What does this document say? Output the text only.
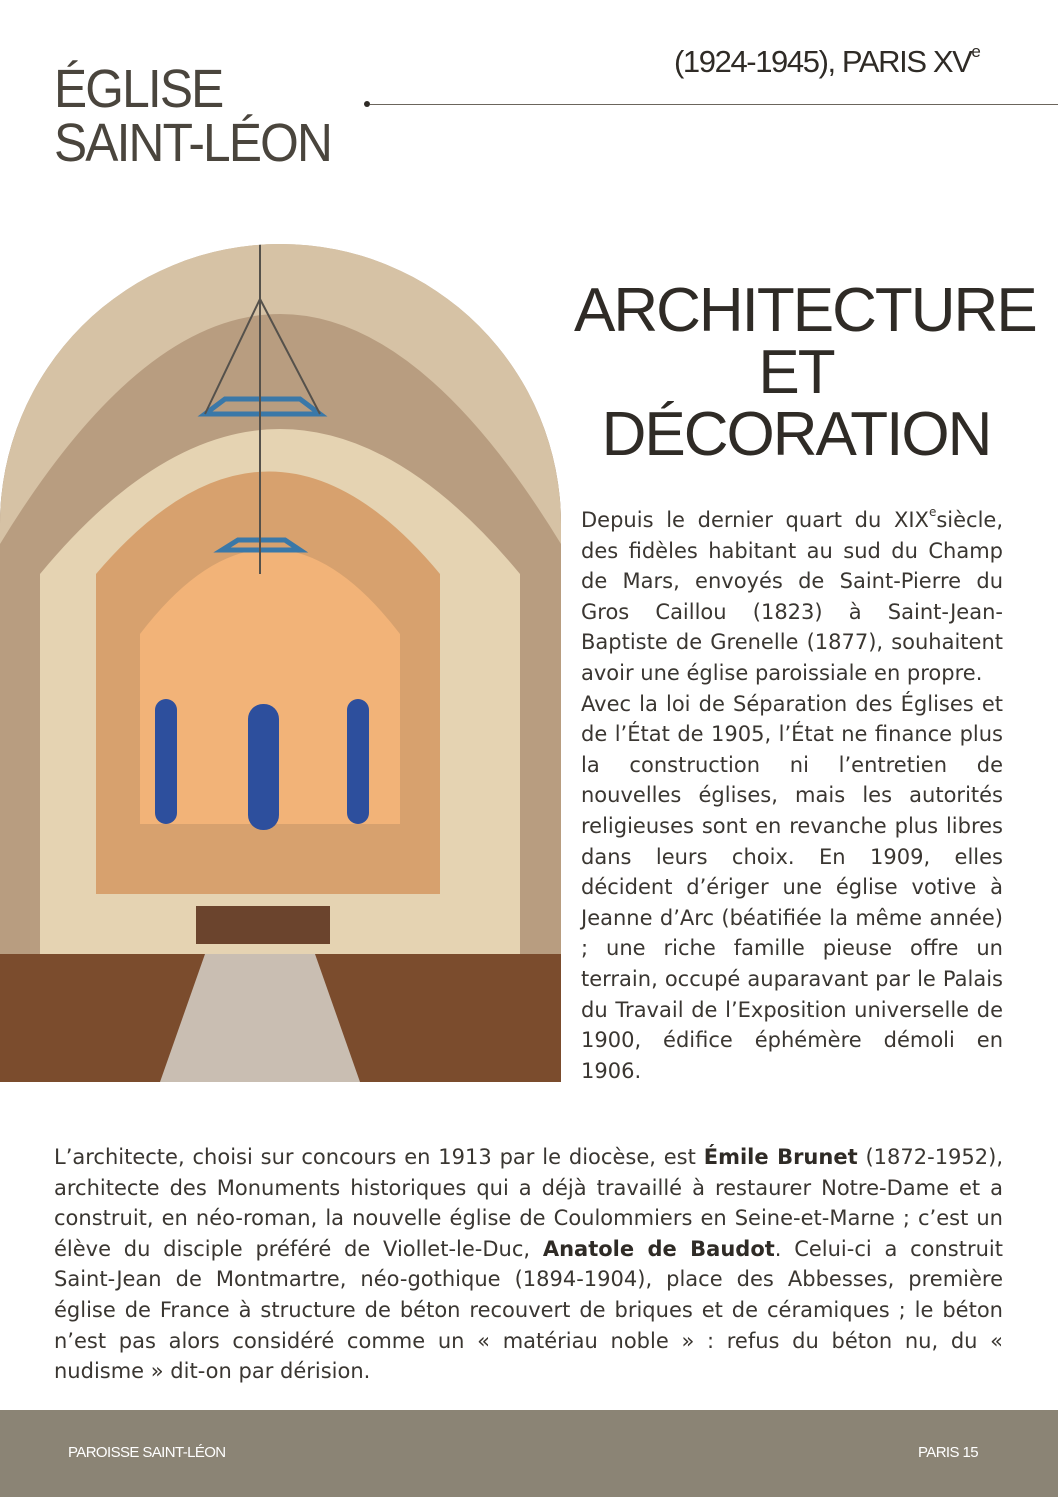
ÉGLISE
SAINT-LÉON
(1924-1945), PARIS XVe
ARCHITECTURE
ET
DÉCORATION

Depuis le dernier quart du XIXesiècle, des fidèles habitant au sud du Champ de Mars, envoyés de Saint-Pierre du Gros Caillou (1823) à Saint-Jean-Baptiste de Grenelle (1877), souhaitent avoir une église paroissiale en propre.

Avec la loi de Séparation des Églises et de l’État de 1905, l’État ne finance plus la construction ni l’entretien de nouvelles églises, mais les autorités religieuses sont en revanche plus libres dans leurs choix. En 1909, elles décident d’ériger une église votive à Jeanne d’Arc (béatifiée la même année) ; une riche famille pieuse offre un terrain, occupé auparavant par le Palais du Travail de l’Exposition universelle de 1900, édifice éphémère démoli en 1906.

L’architecte, choisi sur concours en 1913 par le diocèse, est Émile Brunet (1872-1952), architecte des Monuments historiques qui a déjà travaillé à restaurer Notre-Dame et a construit, en néo-roman, la nouvelle église de Coulommiers en Seine-et-Marne ; c’est un élève du disciple préféré de Viollet-le-Duc, Anatole de Baudot. Celui-ci a construit Saint-Jean de Montmartre, néo-gothique (1894-1904), place des Abbesses, première église de France à structure de béton recouvert de briques et de céramiques ; le béton n’est pas alors considéré comme un « matériau noble » : refus du béton nu, du « nudisme » dit-on par dérision.

PAROISSE SAINT-LÉON	PARIS 15
